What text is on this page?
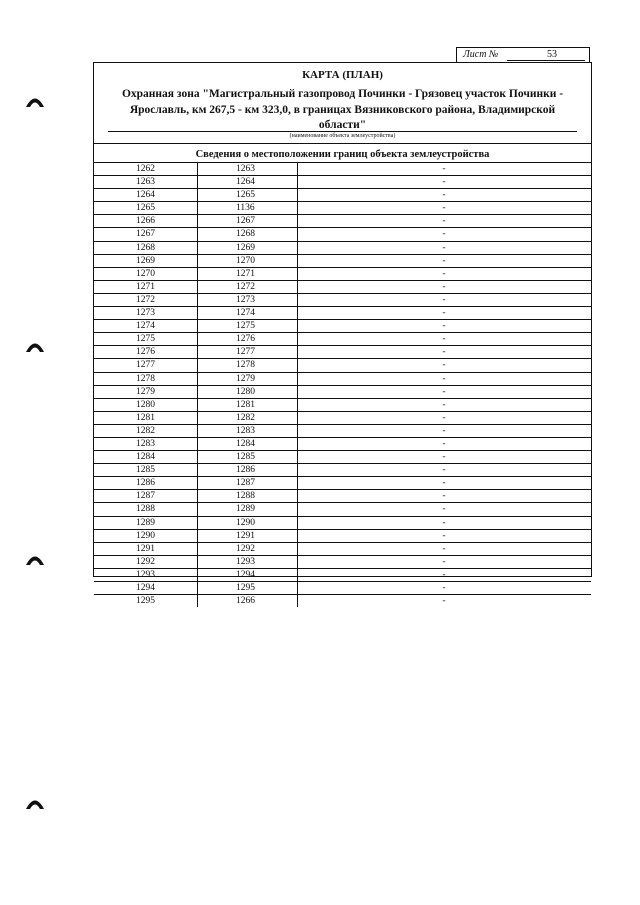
Лист №	53
КАРТА (ПЛАН)
Охранная зона "Магистральный газопровод Починки - Грязовец участок Починки - Ярославль, км 267,5 - км 323,0, в границах Вязниковского района, Владимирской области"
(наименование объекта землеустройства)
Сведения о местоположении границ объекта землеустройства
1262	1263	-
1263	1264	-
1264	1265	-
1265	1136	-
1266	1267	-
1267	1268	-
1268	1269	-
1269	1270	-
1270	1271	-
1271	1272	-
1272	1273	-
1273	1274	-
1274	1275	-
1275	1276	-
1276	1277	-
1277	1278	-
1278	1279	-
1279	1280	-
1280	1281	-
1281	1282	-
1282	1283	-
1283	1284	-
1284	1285	-
1285	1286	-
1286	1287	-
1287	1288	-
1288	1289	-
1289	1290	-
1290	1291	-
1291	1292	-
1292	1293	-
1293	1294	-
1294	1295	-
1295	1266	-
